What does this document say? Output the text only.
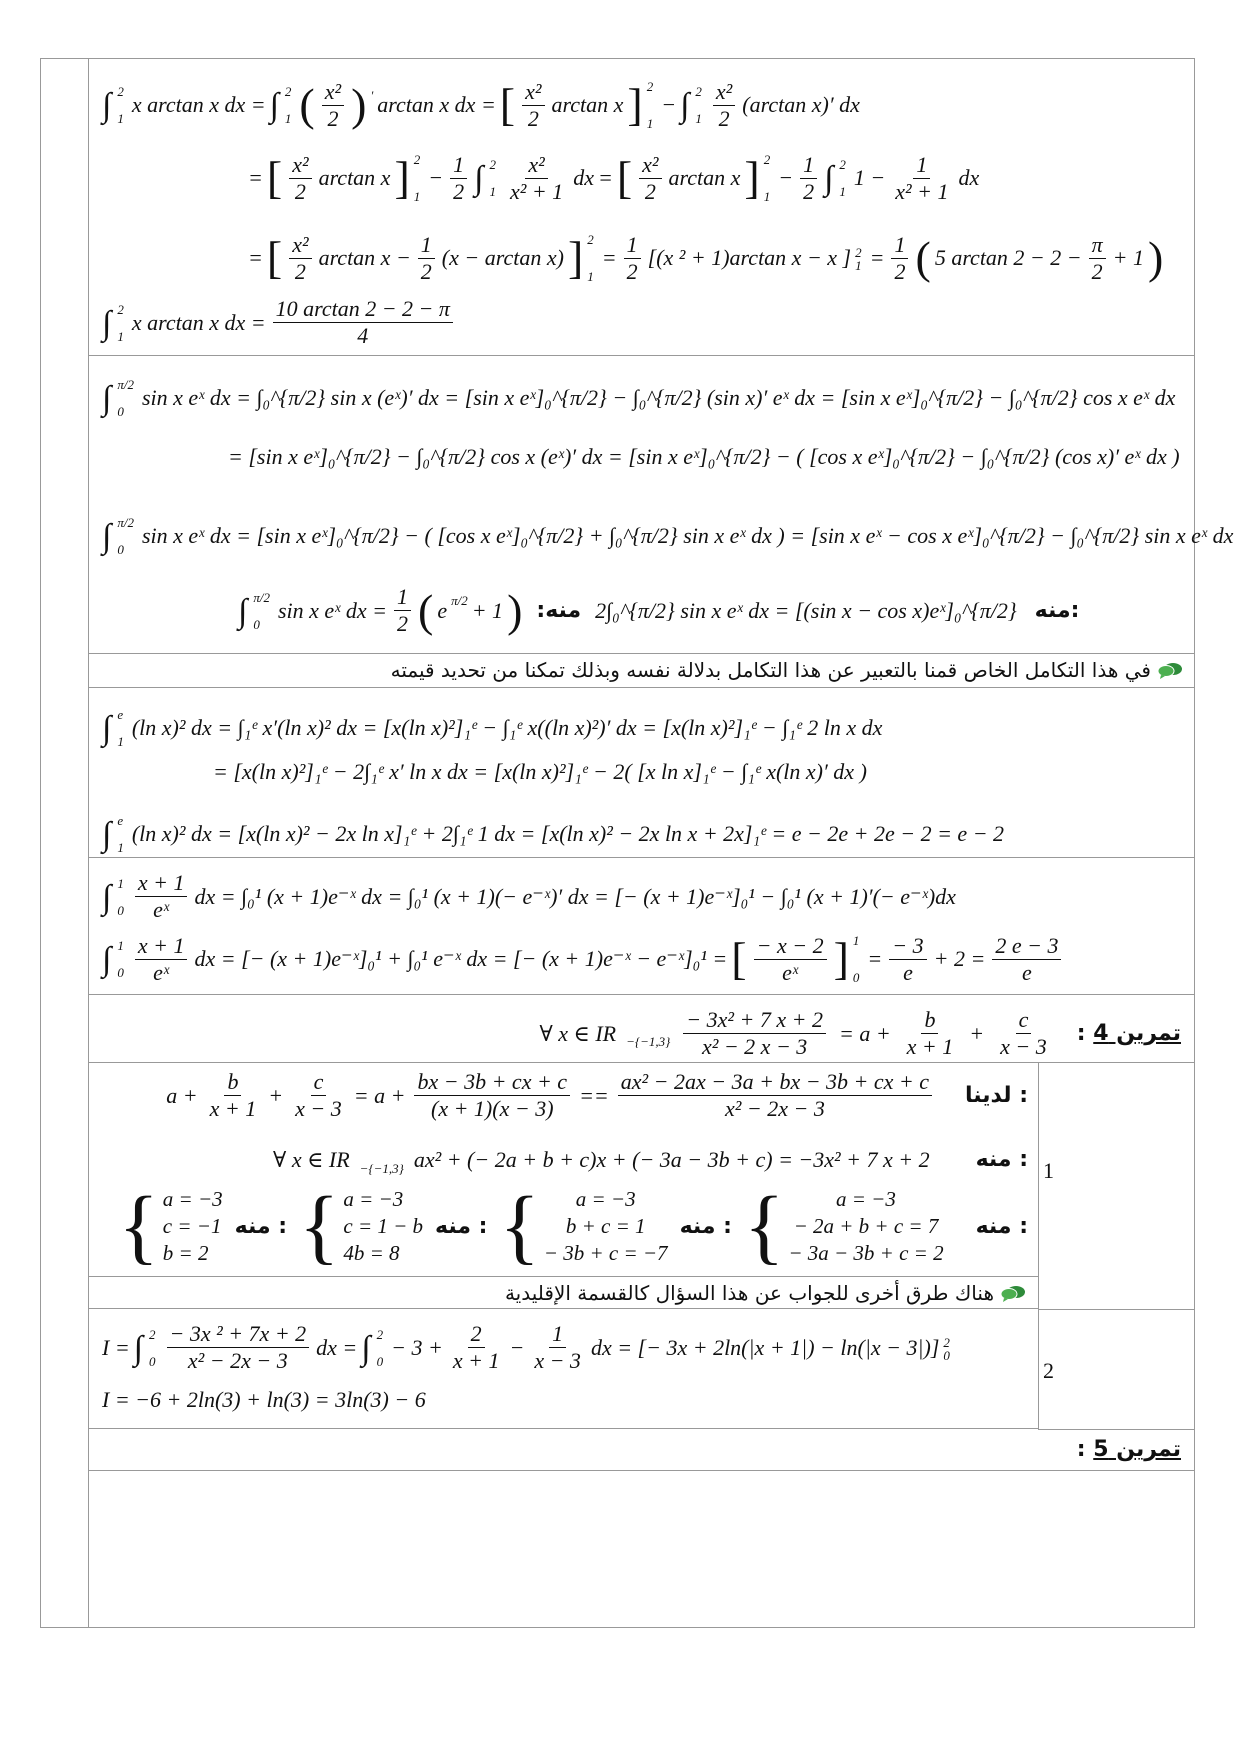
∫ 2
1
x arctan x dx = ∫ 2
1 ( $\frac{\text{x²}}{2}$ ) ′ arctan x dx = [ $\frac{\text{x²}}{2}$ arctan x ] 2
1
− ∫ 2
$1 \frac{\text{x²}}{2} (\arctan$ x)′ dx
= [ $\frac{\text{x²}}{2}$ arctan x ] 2
1
− $\frac{1}{2}$ ∫ 2
$1 \frac{\text{x²}}{\text{x² + 1}}$ dx = [ $\frac{\text{x²}}{2}$ arctan x ] 2
1
− $\frac{1}{2}$ ∫ 2
1
$1 - \frac{1}{\text{x² + 1}}$ dx
= [ $\frac{\text{x²}}{2}$ $\arctan x - \frac{1}{2} (x - \arctan x)$ ] 2
1
= $\frac{1}{2} [(x$ ² + 1)arctan x − x ] 2
$1 = \frac{1}{2}$ ( 5 $\arctan 2 - 2 - \frac{\pi}{2} + 1$ )
∫ 2
1
x arctan x dx = $\frac{10 \arctan 2 - 2 - \pi}{4}$
∫ π/2
0
sin x eˣ dx = ∫₀^{π/2} sin x (eˣ)′ dx = [sin x eˣ]₀^{π/2} − ∫₀^{π/2} (sin x)′ eˣ dx = [sin x eˣ]₀^{π/2} − ∫₀^{π/2} cos x eˣ dx
= [sin x eˣ]₀^{π/2} − ∫₀^{π/2} cos x (eˣ)′ dx = [sin x eˣ]₀^{π/2} − ( [cos x eˣ]₀^{π/2} − ∫₀^{π/2} (cos x)′ eˣ dx )
∫ π/2
0
sin x eˣ dx = [sin x eˣ]₀^{π/2} − ( [cos x eˣ]₀^{π/2} + ∫₀^{π/2} sin x eˣ dx ) = [sin x eˣ − cos x eˣ]₀^{π/2} − ∫₀^{π/2} sin x eˣ dx
∫ π/2
0
sin x eˣ dx = $\frac{1}{2}$ ( e π/2 + 1 ) :منه 2∫₀^{π/2} sin x eˣ dx = [(sin x − cos x)eˣ]₀^{π/2} منه:
في هذا التكامل الخاص قمنا بالتعبير عن هذا التكامل بدلالة نفسه وبذلك تمكنا من تحديد قيمته
∫ e
1
(ln x)² dx = ∫₁ᵉ x′(ln x)² dx = [x(ln x)²]₁ᵉ − ∫₁ᵉ x((ln x)²)′ dx = [x(ln x)²]₁ᵉ − ∫₁ᵉ 2 ln x dx
= [x(ln x)²]₁ᵉ − 2∫₁ᵉ x′ ln x dx = [x(ln x)²]₁ᵉ − 2( [x ln x]₁ᵉ − ∫₁ᵉ x(ln x)′ dx )
∫ e
1
(ln x)² dx = [x(ln x)² − 2x ln x]₁ᵉ + 2∫₁ᵉ 1 dx = [x(ln x)² − 2x ln x + 2x]₁ᵉ = e − 2e + 2e − 2 = e − 2
∫ 1
$0 \frac{x + 1}{\text{eˣ}}$ dx = ∫₀¹ (x + 1)e⁻ˣ dx = ∫₀¹ (x + 1)(− e⁻ˣ)′ dx = [− (x + 1)e⁻ˣ]₀¹ − ∫₀¹ (x + 1)′(− e⁻ˣ)dx
∫ 1
$0 \frac{x + 1}{\text{eˣ}}$ dx = [− (x + 1)e⁻ˣ]₀¹ + ∫₀¹ e⁻ˣ dx = [− (x + 1)e⁻ˣ − e⁻ˣ]₀¹ = [ $\frac{- x - 2}{\text{eˣ}}$ ] 1
0
= $\frac{- 3}{e} + 2 = \frac{2 e - 3}{e}$
∀ x ∈ IR $-\{-1,3\} \frac{\text{− 3x² + 7 x + 2}}{\text{x² − 2 x − 3}} = a + \frac{b}{x + 1} + \frac{c}{x - 3}$ : تمرين 4
$a + \frac{b}{x + 1} + \frac{c}{x - 3} = a + \frac{bx - 3b + cx + c}{(x + 1)(x - 3)} == \frac{\text{ax² − 2ax − 3a + bx − 3b + cx + c}}{\text{x² − 2x − 3}}$ لدينا :
∀ x ∈ IR −{−1,3} ax² + (− 2a + b + c)x + (− 3a − 3b + c) = −3x² + 7 x + 2 منه :
{ a = −3
c = −1
b = 2
منه : { a = −3
c = 1 − b
4b = 8
منه : { a = −3
b + c = 1
− 3b + c = −7
منه : { a = −3
− 2a + b + c = 7
− 3a − 3b + c = 2
منه :
1
هناك طرق أخرى للجواب عن هذا السؤال كالقسمة الإقليدية
I = ∫ 2
$0 \frac{\text{− 3x ² + 7x + 2}}{\text{x² − 2x − 3}}$ dx = ∫ 2
0
− $3 + \frac{2}{x + 1} - \frac{1}{x - 3}$ dx = [− 3x + 2ln(|x + 1|) − ln(|x − 3|)] 2
0
I = −6 + 2ln(3) + ln(3) = 3ln(3) − 6
2
: تمرين 5
